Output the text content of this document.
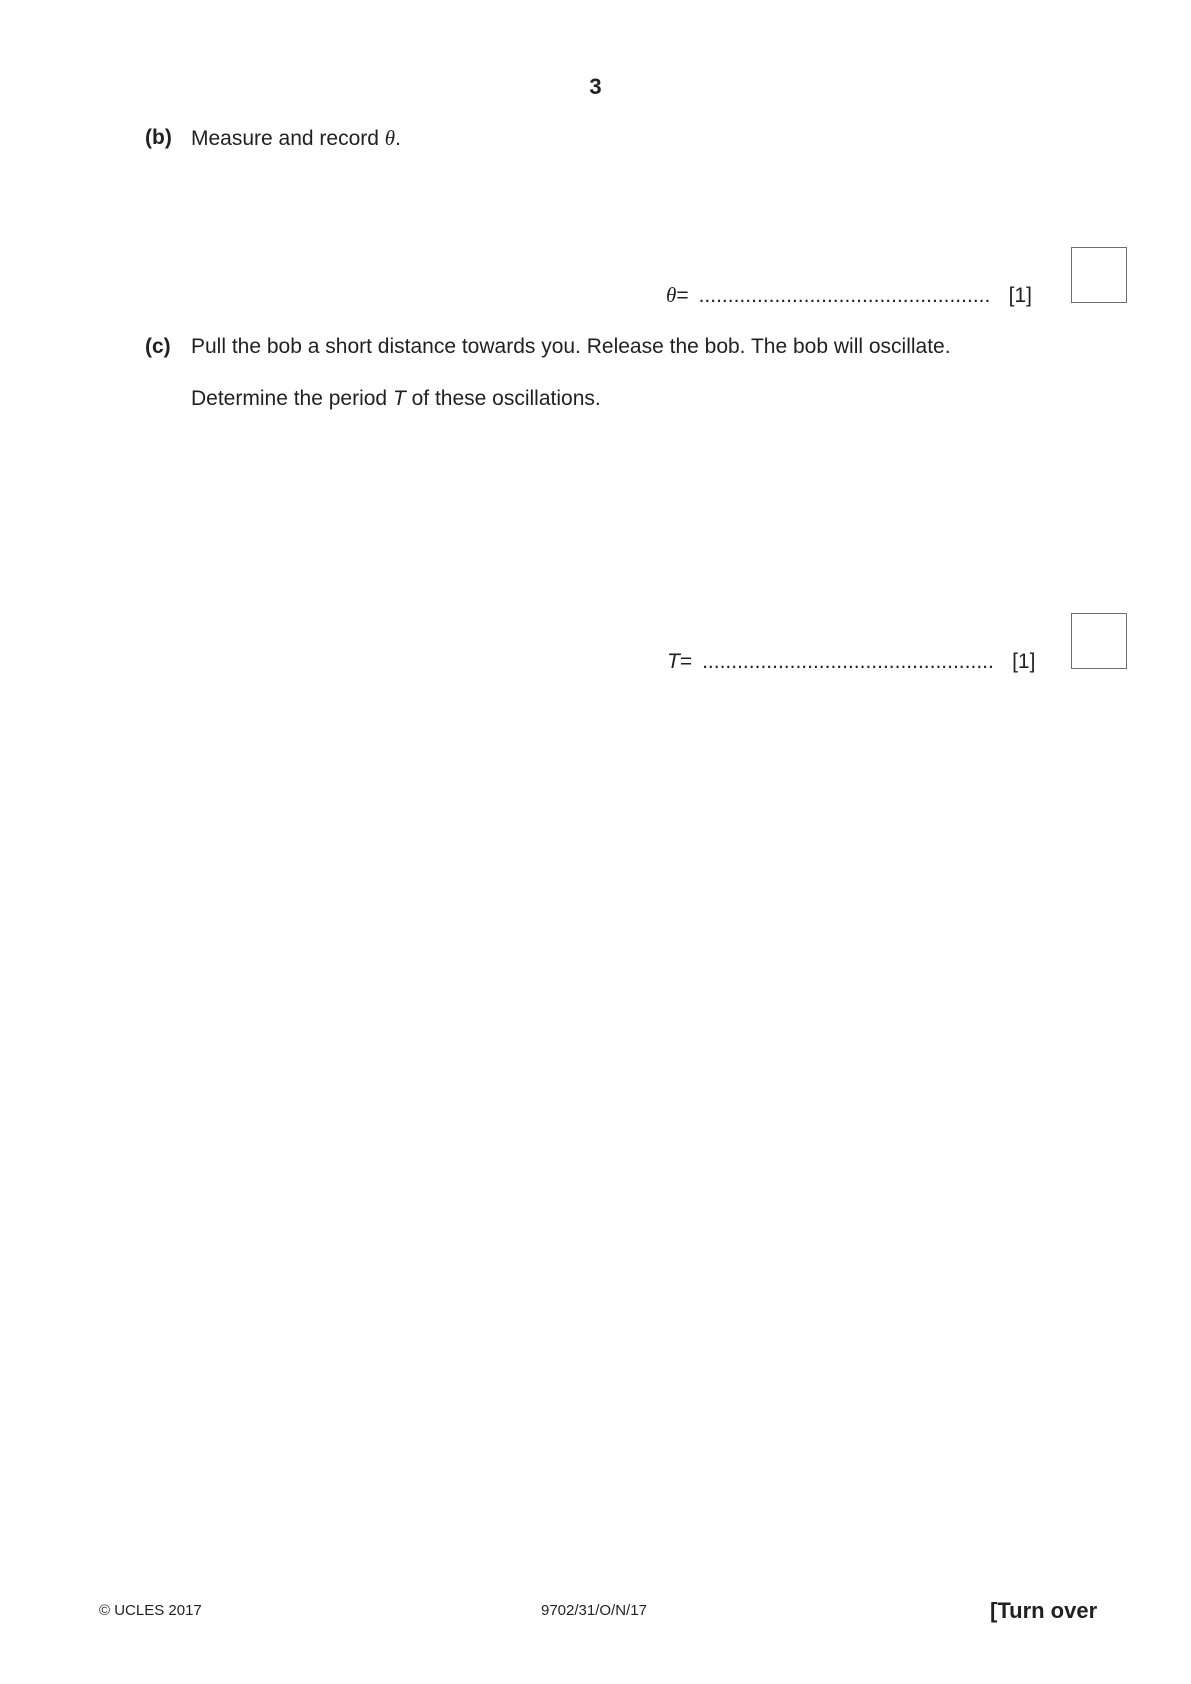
3
(b) Measure and record θ.
θ = .................................................. [1]
(c) Pull the bob a short distance towards you. Release the bob. The bob will oscillate.
Determine the period T of these oscillations.
T = .................................................. [1]
© UCLES 2017	9702/31/O/N/17	[Turn over
